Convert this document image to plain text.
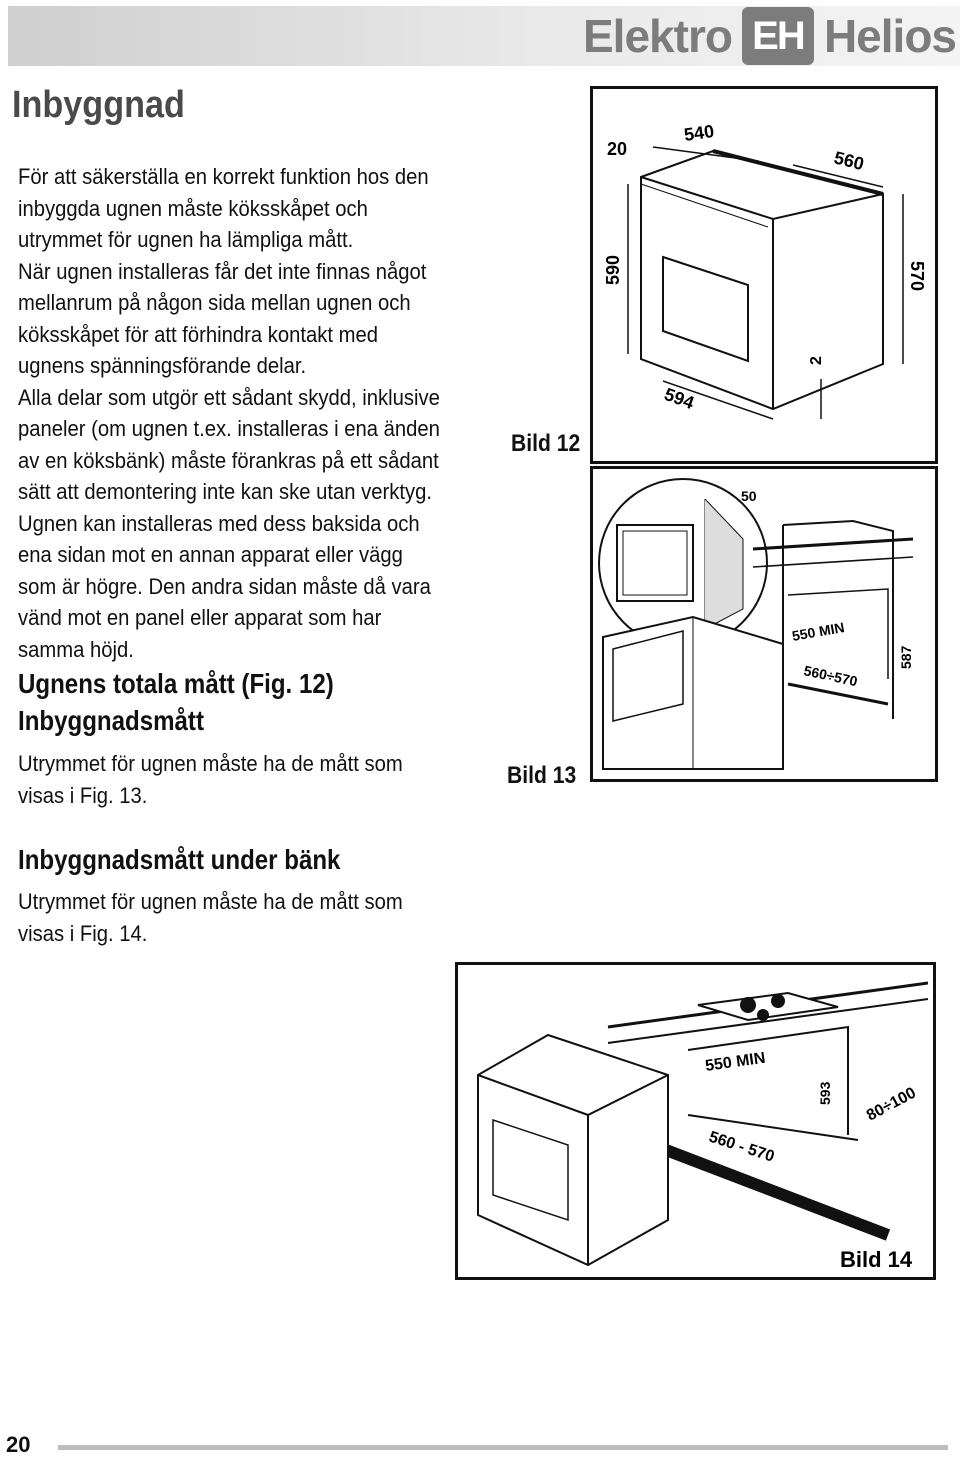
Elektro EH Helios
Inbyggnad

För att säkerställa en korrekt funktion hos den inbyggda ugnen måste köksskåpet och utrymmet för ugnen ha lämpliga mått.

När ugnen installeras får det inte finnas något mellanrum på någon sida mellan ugnen och köksskåpet för att förhindra kontakt med ugnens spänningsförande delar.

Alla delar som utgör ett sådant skydd, inklusive paneler (om ugnen t.ex. installeras i ena änden av en köksbänk) måste förankras på ett sådant sätt att demontering inte kan ske utan verktyg.

Ugnen kan installeras med dess baksida och ena sidan mot en annan apparat eller vägg som är högre. Den andra sidan måste då vara vänd mot en panel eller apparat som har samma höjd.

Ugnens totala mått (Fig. 12)
Inbyggnadsmått
Utrymmet för ugnen måste ha de mått som visas i Fig. 13.
Inbyggnadsmått under bänk
Utrymmet för ugnen måste ha de mått som visas i Fig. 14.
Bild 12
Bild 13
20
540
560
590	570
2
594
50
550 MIN
560÷570
587
550 MIN
593 80÷100
560 - 570
Bild 14
20
